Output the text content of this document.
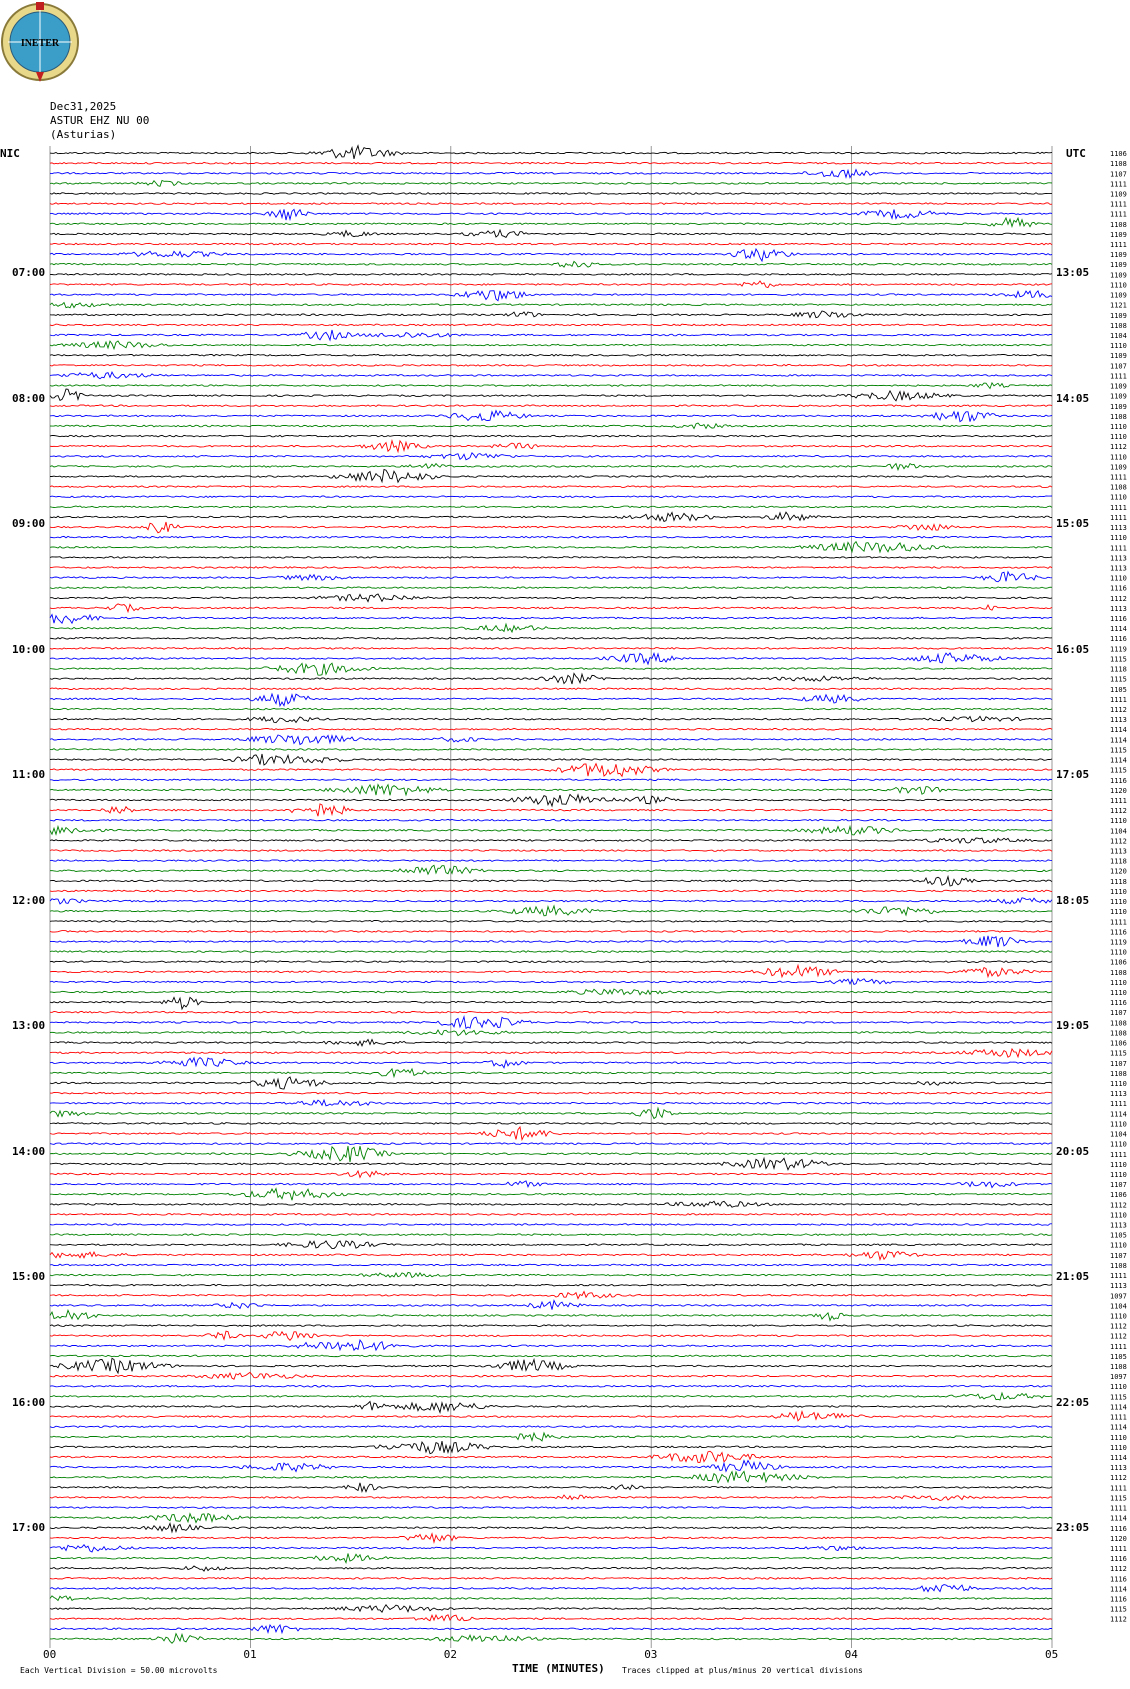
INETER
Dec31,2025
ASTUR EHZ NU 00
(Asturias)
NIC	UTC	1106
1108
1107
1111
1109
1111
1111
1108
1109
1111
1109
1109
1109
1110
1109
1121
1109
1108
1104
1110
1109
1107
1111
1109
1109
1109
1108
1110
1110
1112
1110
1109
1111
1108
1110
1111
1111
1113
1110
1111
1113
1113
1110
1116
1112
1113
1116
1114
1116
1119
1115
1118
1115
1105
1111
1112
1113
1114
1114
1115
1114
1115
1116
1120
1111
1112
1110
1104
1112
1113
1118
1120
1118
1110
1110
1110
1111
1116
1119
1110
1106
1108
1110
1110
1116
1107
1108
1108
1106
1115
1107
1108
1110
1113
1111
1114
1110
1104
1110
1111
1110
1110
1107
1106
1112
1110
1113
1105
1110
1107
1108
1111
1113
1097
1104
1110
1112
1112
1111
1105
1108
1097
1110
1115
1114
1111
1114
1110
1110
1114
1113
1112
1111
1115
1111
1114
1116
1120
1111
1116
1112
1116
1114
1116
1115
1112
07:00	13:05
08:00	14:05
09:00	15:05
10:00	16:05
11:00	17:05
12:00	18:05
13:00	19:05
14:00	20:05
15:00	21:05
16:00	22:05
17:00	23:05
00	01	02	03	04	05
TIME (MINUTES)
Each Vertical Division = 50.00 microvolts	Traces clipped at plus/minus 20 vertical divisions
